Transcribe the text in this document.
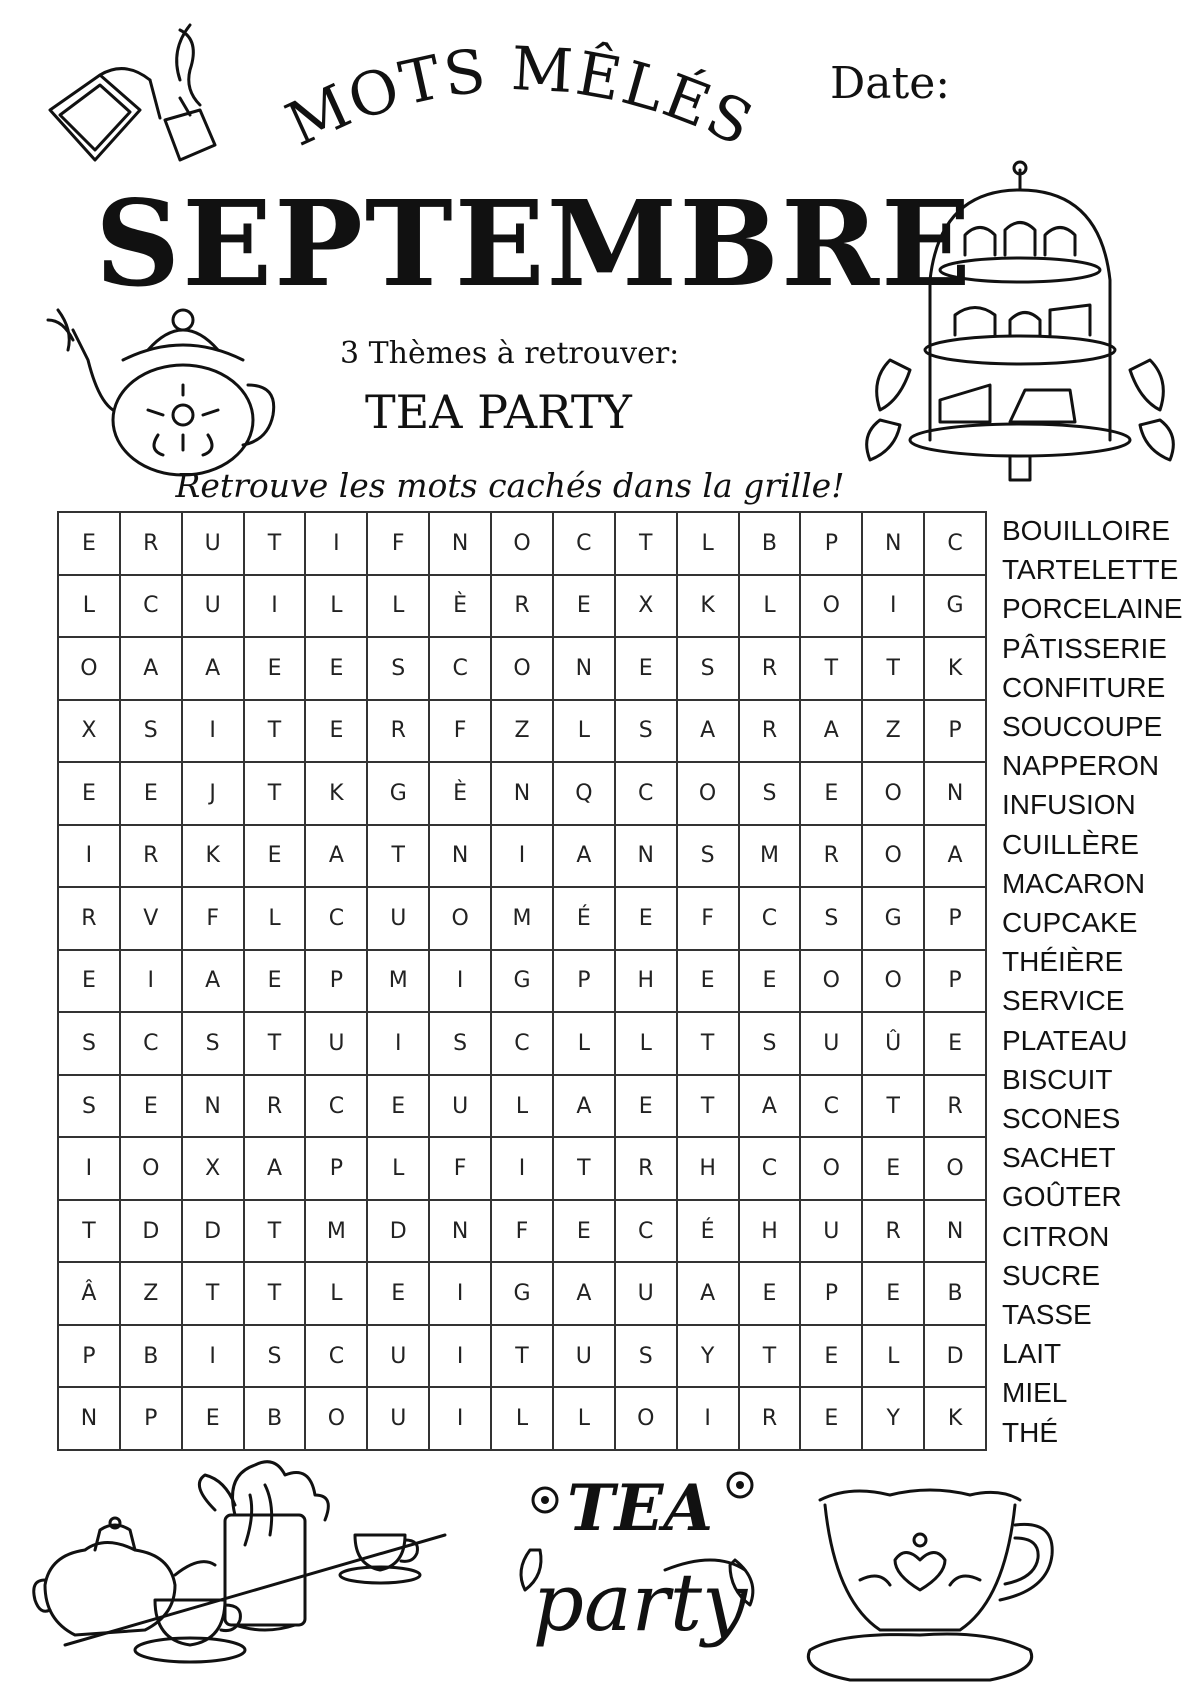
MOTS MÊLÉS Date:
SEPTEMBRE
3 Thèmes à retrouver:
TEA PARTY
Retrouve les mots cachés dans la grille!
E	R	U	T	I	F	N	O	C	T	L	B	P	N	C
L	C	U	I	L	L	È	R	E	X	K	L	O	I	G
O	A	A	E	E	S	C	O	N	E	S	R	T	T	K
X	S	I	T	E	R	F	Z	L	S	A	R	A	Z	P
E	E	J	T	K	G	È	N	Q	C	O	S	E	O	N
I	R	K	E	A	T	N	I	A	N	S	M	R	O	A
R	V	F	L	C	U	O	M	É	E	F	C	S	G	P
E	I	A	E	P	M	I	G	P	H	E	E	O	O	P
S	C	S	T	U	I	S	C	L	L	T	S	U	Û	E
S	E	N	R	C	E	U	L	A	E	T	A	C	T	R
I	O	X	A	P	L	F	I	T	R	H	C	O	E	O
T	D	D	T	M	D	N	F	E	C	É	H	U	R	N
Â	Z	T	T	L	E	I	G	A	U	A	E	P	E	B
P	B	I	S	C	U	I	T	U	S	Y	T	E	L	D
N	P	E	B	O	U	I	L	L	O	I	R	E	Y	K
BOUILLOIRE
TARTELETTE
PORCELAINE
PÂTISSERIE
CONFITURE
SOUCOUPE
NAPPERON
INFUSION
CUILLÈRE
MACARON
CUPCAKE
THÉIÈRE
SERVICE
PLATEAU
BISCUIT
SCONES
SACHET
GOÛTER
CITRON
SUCRE
TASSE
LAIT
MIEL
THÉ
TEA
party
